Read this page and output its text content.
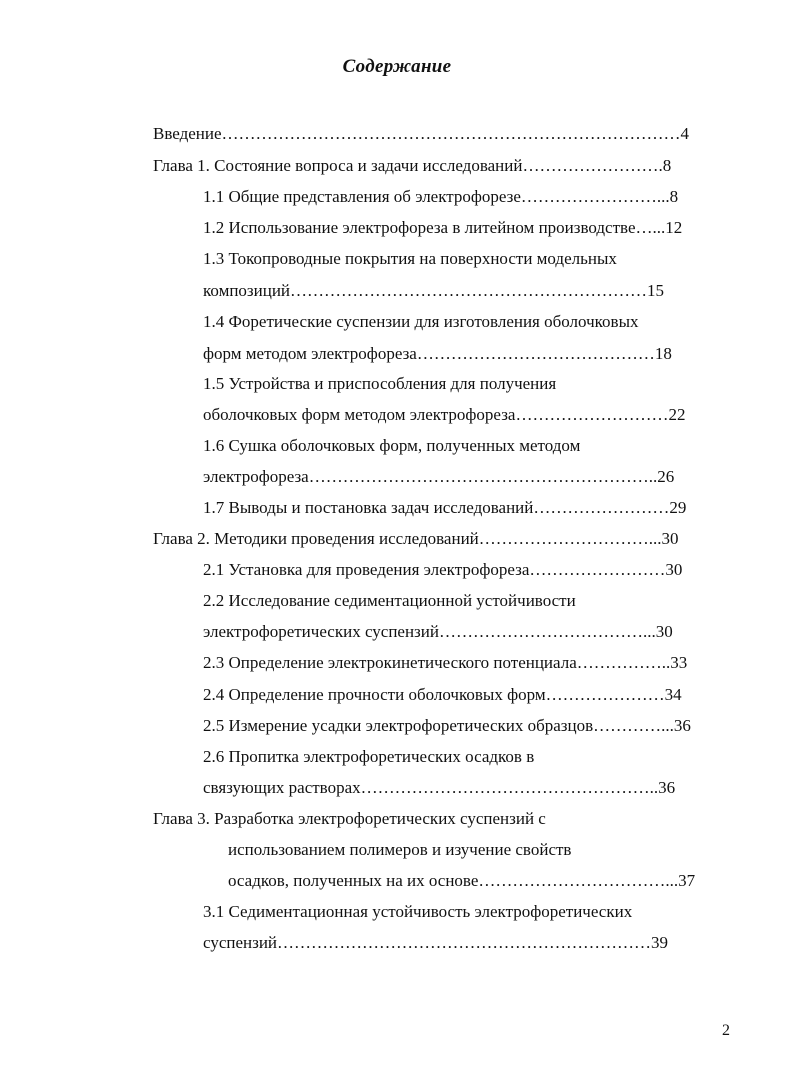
Содержание
Введение………………………………………………………………………4
Глава 1. Состояние вопроса и задачи исследований…………………….8
1.1 Общие представления об электрофорезе……………………...8
1.2 Использование электрофореза в литейном производстве…...12
1.3 Токопроводные покрытия на поверхности модельных
композиций………………………………………………………15
1.4 Форетические суспензии для изготовления оболочковых
форм методом электрофореза……………………………………18
1.5 Устройства и приспособления для получения
оболочковых форм методом электрофореза………………………22
1.6 Сушка оболочковых форм, полученных методом
электрофореза……………………………………………………..26
1.7 Выводы и постановка задач исследований……………………29
Глава 2. Методики проведения исследований…………………………...30
2.1 Установка для проведения электрофореза……………………30
2.2 Исследование седиментационной устойчивости
электрофоретических суспензий………………………………...30
2.3 Определение электрокинетического потенциала……………..33
2.4 Определение прочности оболочковых форм…………………34
2.5 Измерение усадки электрофоретических образцов…………...36
2.6 Пропитка электрофоретических осадков в
связующих растворах……………………………………………..36
Глава 3. Разработка электрофоретических суспензий с
использованием полимеров и изучение свойств
осадков, полученных на их основе……………………………...37
3.1 Седиментационная устойчивость электрофоретических
суспензий…………………………………………………………39
2
